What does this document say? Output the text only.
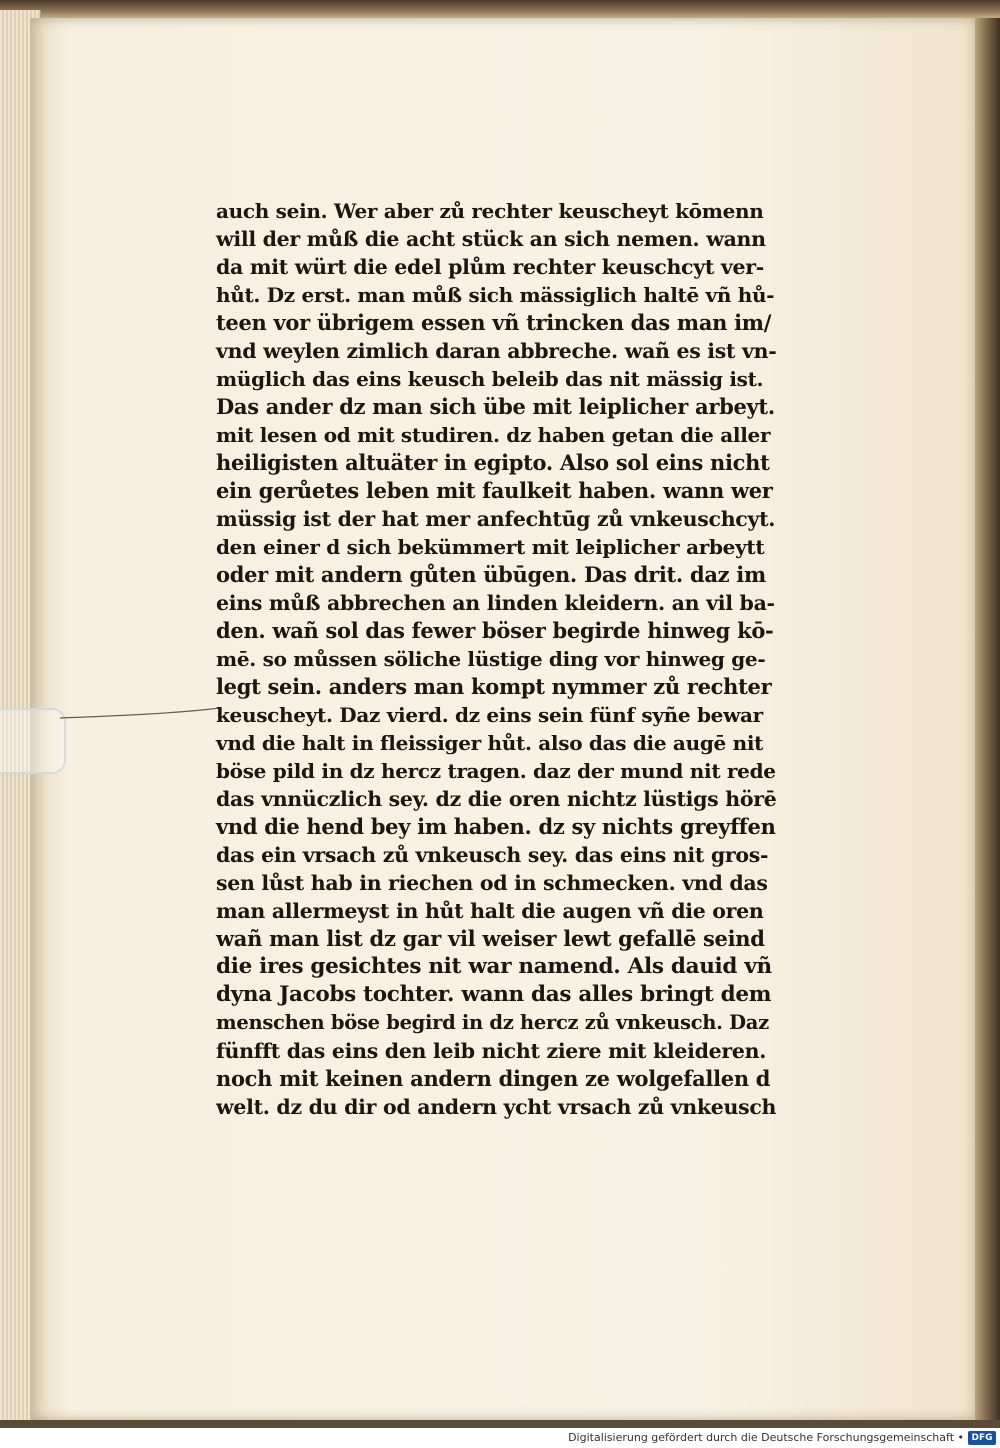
auch sein. Wer aber zů rechter keuscheyt kōmenn
will der můß die acht stück an sich nemen. wann
da mit würt die edel plům rechter keuschcyt ver-
hůt. Dz erst. man můß sich mässiglich haltē vñ hů-
teen vor übrigem essen vñ trincken das man im/
vnd weylen zimlich daran abbreche. wañ es ist vn-
müglich das eins keusch beleib das nit mässig ist.
Das ander dz man sich übe mit leiplicher arbeyt.
mit lesen od mit studiren. dz haben getan die aller
heiligisten altuäter in egipto. Also sol eins nicht
ein gerůetes leben mit faulkeit haben. wann wer
müssig ist der hat mer anfechtūg zů vnkeuschcyt.
den einer d sich bekümmert mit leiplicher arbeytt
oder mit andern gůten übūgen. Das drit. daz im
eins můß abbrechen an linden kleidern. an vil ba-
den. wañ sol das fewer böser begirde hinweg kō-
mē. so můssen söliche lüstige ding vor hinweg ge-
legt sein. anders man kompt nymmer zů rechter
keuscheyt. Daz vierd. dz eins sein fünf syñe bewar
vnd die halt in fleissiger hůt. also das die augē nit
böse pild in dz hercz tragen. daz der mund nit rede
das vnnüczlich sey. dz die oren nichtz lüstigs hörē
vnd die hend bey im haben. dz sy nichts greyffen
das ein vrsach zů vnkeusch sey. das eins nit gros-
sen lůst hab in riechen od in schmecken. vnd das
man allermeyst in hůt halt die augen vñ die oren
wañ man list dz gar vil weiser lewt gefallē seind
die ires gesichtes nit war namend. Als dauid vñ
dyna Jacobs tochter. wann das alles bringt dem
menschen böse begird in dz hercz zů vnkeusch. Daz
fünfft das eins den leib nicht ziere mit kleideren.
noch mit keinen andern dingen ze wolgefallen d
welt. dz du dir od andern ycht vrsach zů vnkeusch
Digitalisierung gefördert durch die Deutsche Forschungsgemeinschaft • DFG
